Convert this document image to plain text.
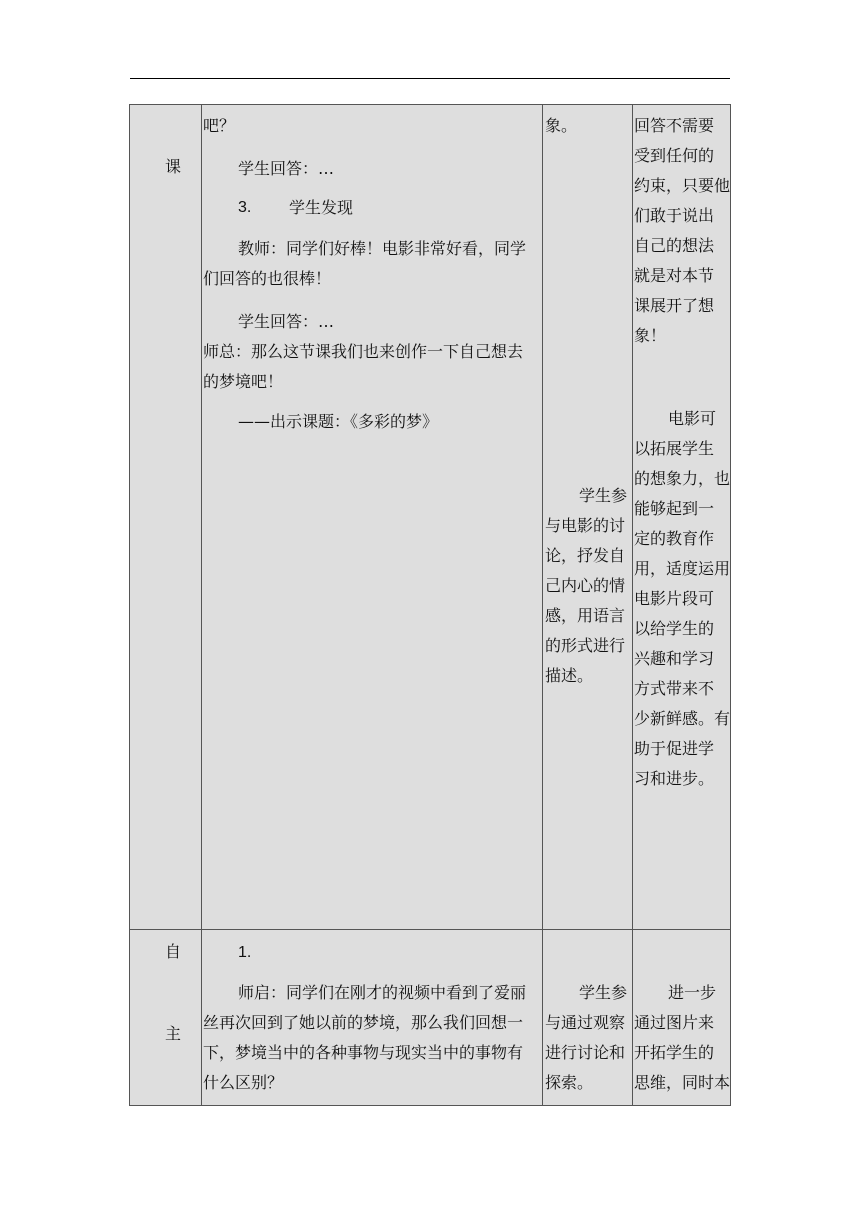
课
吧？
学生回答：…
3. 学生发现
教师：同学们好棒！电影非常好看，同学
们回答的也很棒！
学生回答：…
师总：那么这节课我们也来创作一下自己想去
的梦境吧！
——出示课题：《多彩的梦》
象。
学生参
与电影的讨
论，抒发自
己内心的情
感，用语言
的形式进行
描述。
回答不需要
受到任何的
约束，只要他
们敢于说出
自己的想法
就是对本节
课展开了想
象！
电影可
以拓展学生
的想象力，也
能够起到一
定的教育作
用，适度运用
电影片段可
以给学生的
兴趣和学习
方式带来不
少新鲜感。有
助于促进学
习和进步。
自
主
1.
师启：同学们在刚才的视频中看到了爱丽
丝再次回到了她以前的梦境，那么我们回想一
下，梦境当中的各种事物与现实当中的事物有
什么区别？
学生参
与通过观察
进行讨论和
探索。
进一步
通过图片来
开拓学生的
思维，同时本
